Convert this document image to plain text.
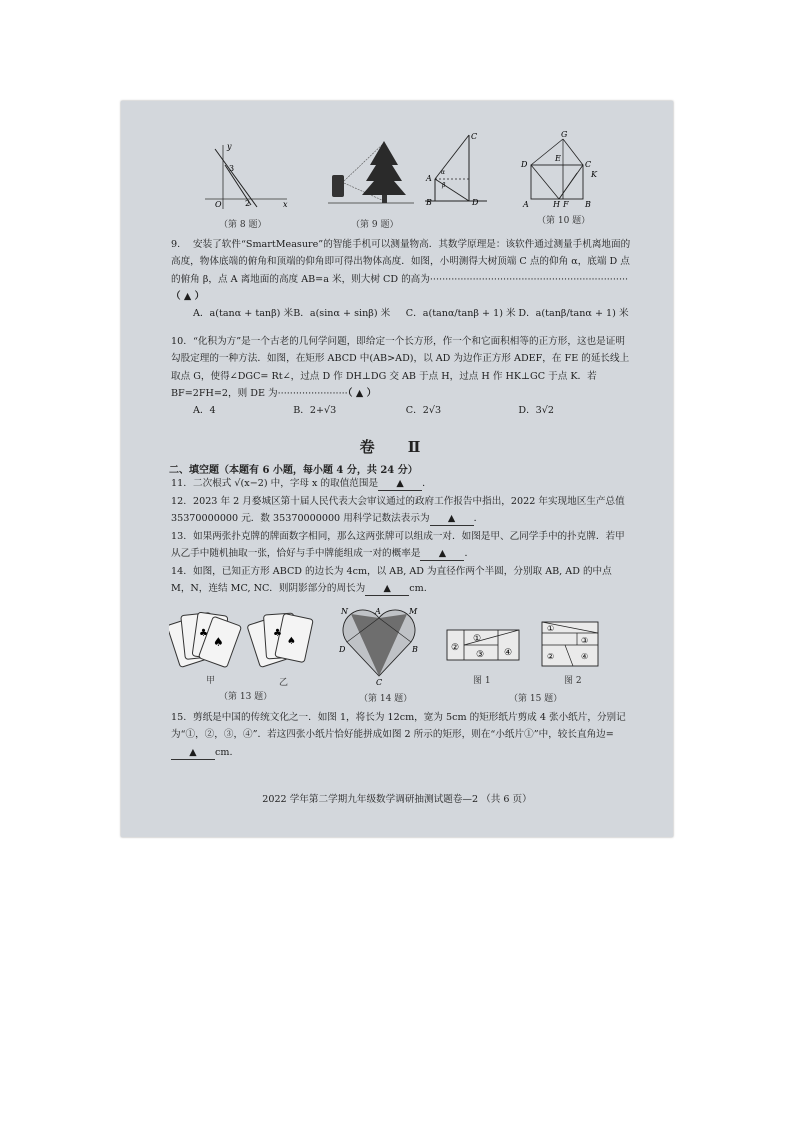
3
2
O
y
x
（第 8 题）	（第 9 题）
C
A
B	D
α
β
G
D
E
C
K
A	H F B
（第 10 题）
9. 安装了软件“SmartMeasure”的智能手机可以测量物高．其数学原理是：该软件通过测量手机离地面的高度，物体底端的俯角和顶端的仰角即可得出物体高度．如图，小明测得大树顶端 C 点的仰角 α，底端 D 点的俯角 β，点 A 离地面的高度 AB=a 米，则大树 CD 的高为·································································（ ▲ ）
A．a(tanα + tanβ) 米 B．a(sinα + sinβ) 米	C．a(tanα/tanβ + 1) 米 D．a(tanβ/tanα + 1) 米
10. “化积为方”是一个古老的几何学问题，即给定一个长方形，作一个和它面积相等的正方形，这也是证明勾股定理的一种方法．如图，在矩形 ABCD 中(AB>AD)，以 AD 为边作正方形 ADEF，在 FE 的延长线上取点 G，使得∠DGC= Rt∠，过点 D 作 DH⊥DG 交 AB 于点 H，过点 H 作 HK⊥GC 于点 K．若 BF=2FH=2，则 DE 为·······················（ ▲ ）
A．4	B．2+√3	C．2√3	D．3√2
卷 Ⅱ
二、填空题（本题有 6 小题，每小题 4 分，共 24 分）
11. 二次根式 √(x−2) 中，字母 x 的取值范围是 ▲ ．
12. 2023 年 2 月婺城区第十届人民代表大会审议通过的政府工作报告中指出，2022 年实现地区生产总值 35370000000 元．数 35370000000 用科学记数法表示为 ▲ ．
13. 如果两张扑克牌的牌面数字相同，那么这两张牌可以组成一对．如图是甲、乙同学手中的扑克牌．若甲从乙手中随机抽取一张，恰好与手中牌能组成一对的概率是 ▲ ．
14. 如图，已知正方形 ABCD 的边长为 4cm，以 AB, AD 为直径作两个半圆，分别取 AB, AD 的中点 M，N，连结 MC, NC．则阴影部分的周长为 ▲ cm.
♠
♣
♠
♣
甲	乙
（第 13 题）
N	A	M
D	B
C
（第 14 题）
②
①
③ ④
图 1
①
③
②	④
图 2
（第 15 题）
15. 剪纸是中国的传统文化之一．如图 1，将长为 12cm，宽为 5cm 的矩形纸片剪成 4 张小纸片，分别记为“①，②，③，④”．若这四张小纸片恰好能拼成如图 2 所示的矩形，则在“小纸片①”中，较长直角边=▲ cm.
2022 学年第二学期九年级数学调研抽测试题卷—2 （共 6 页）
